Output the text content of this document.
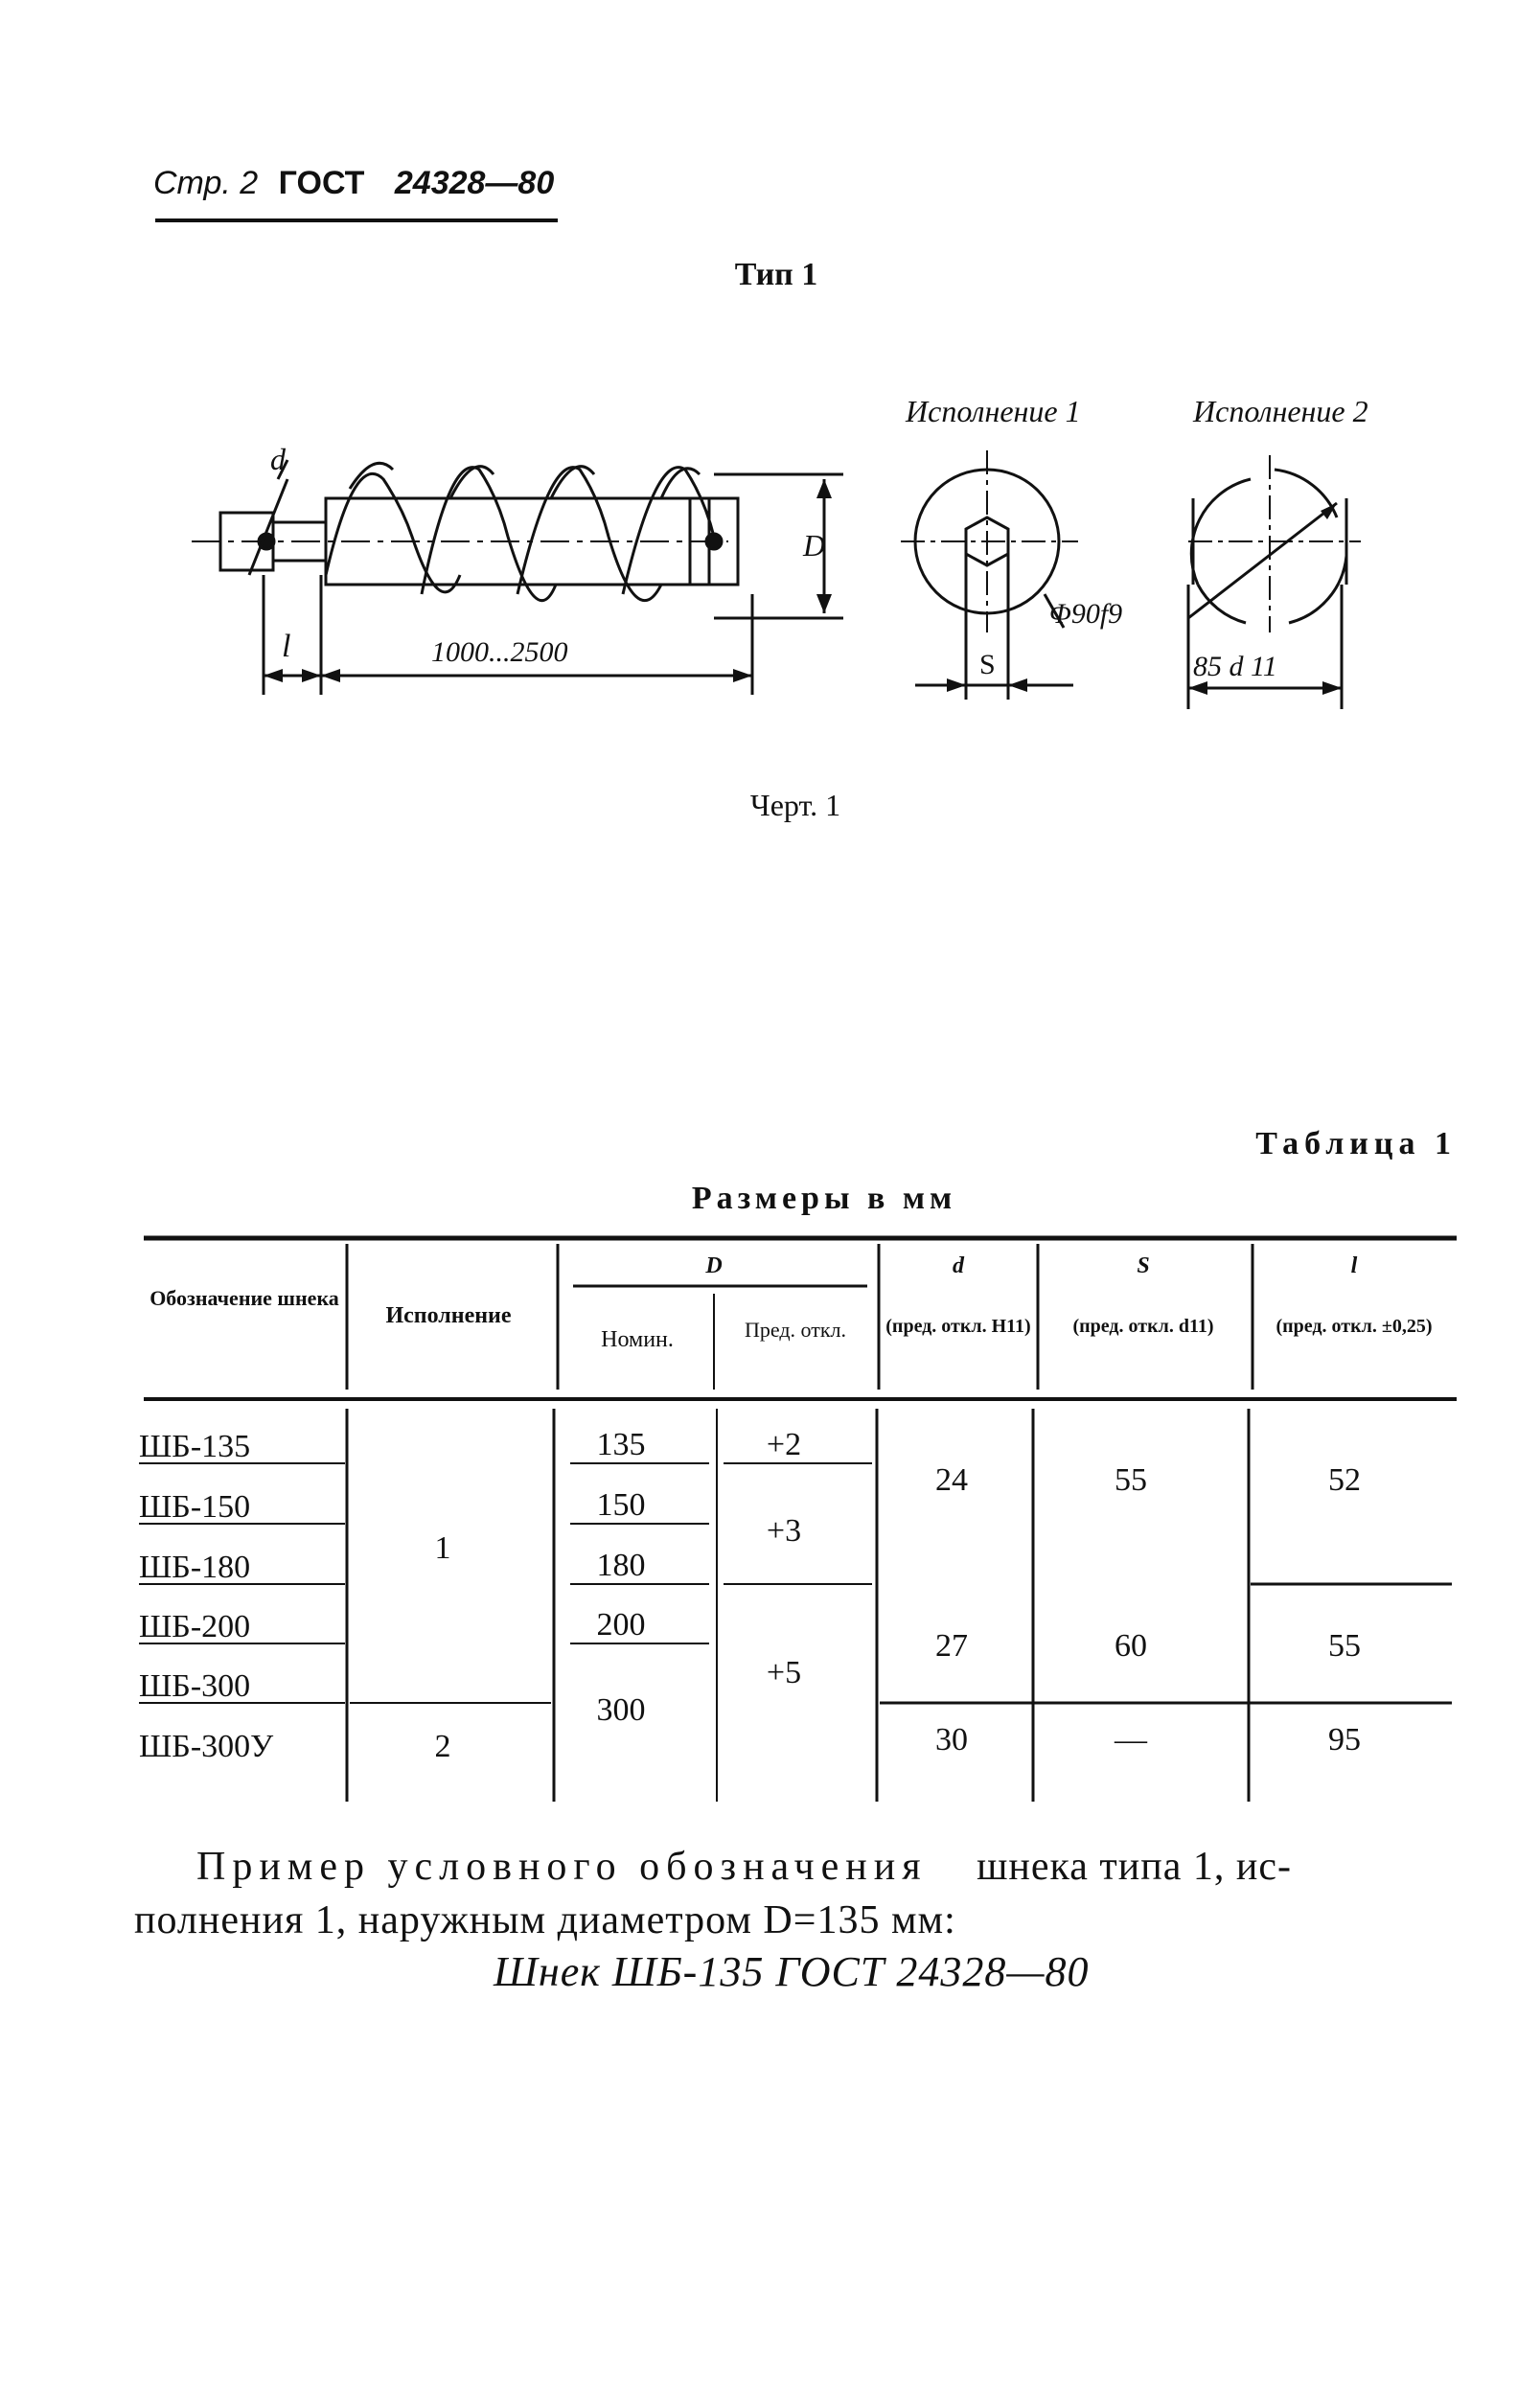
Стр. 2 ГОСТ 24328—80
Тип 1
d
D
l	1000...2500
Исполнение 1
S
Φ90f9
Исполнение 2
85 d 11
Черт. 1
Таблица 1
Размеры в мм
Обозначение шнека
Исполнение
D
Номин.	Пред. откл.
d
(пред. откл. H11)
S
(пред. откл. d11)
l
(пред. откл. ±0,25)
ШБ-135
ШБ-150
ШБ-180
ШБ-200
ШБ-300
ШБ-300У
1
2
135
150
180
200
300
+2
+3
+5
24
27
30
55
60
—
52
55
95
Пример условного обозначения шнека типа 1, ис-
полнения 1, наружным диаметром D=135 мм:
Шнек ШБ-135 ГОСТ 24328—80
